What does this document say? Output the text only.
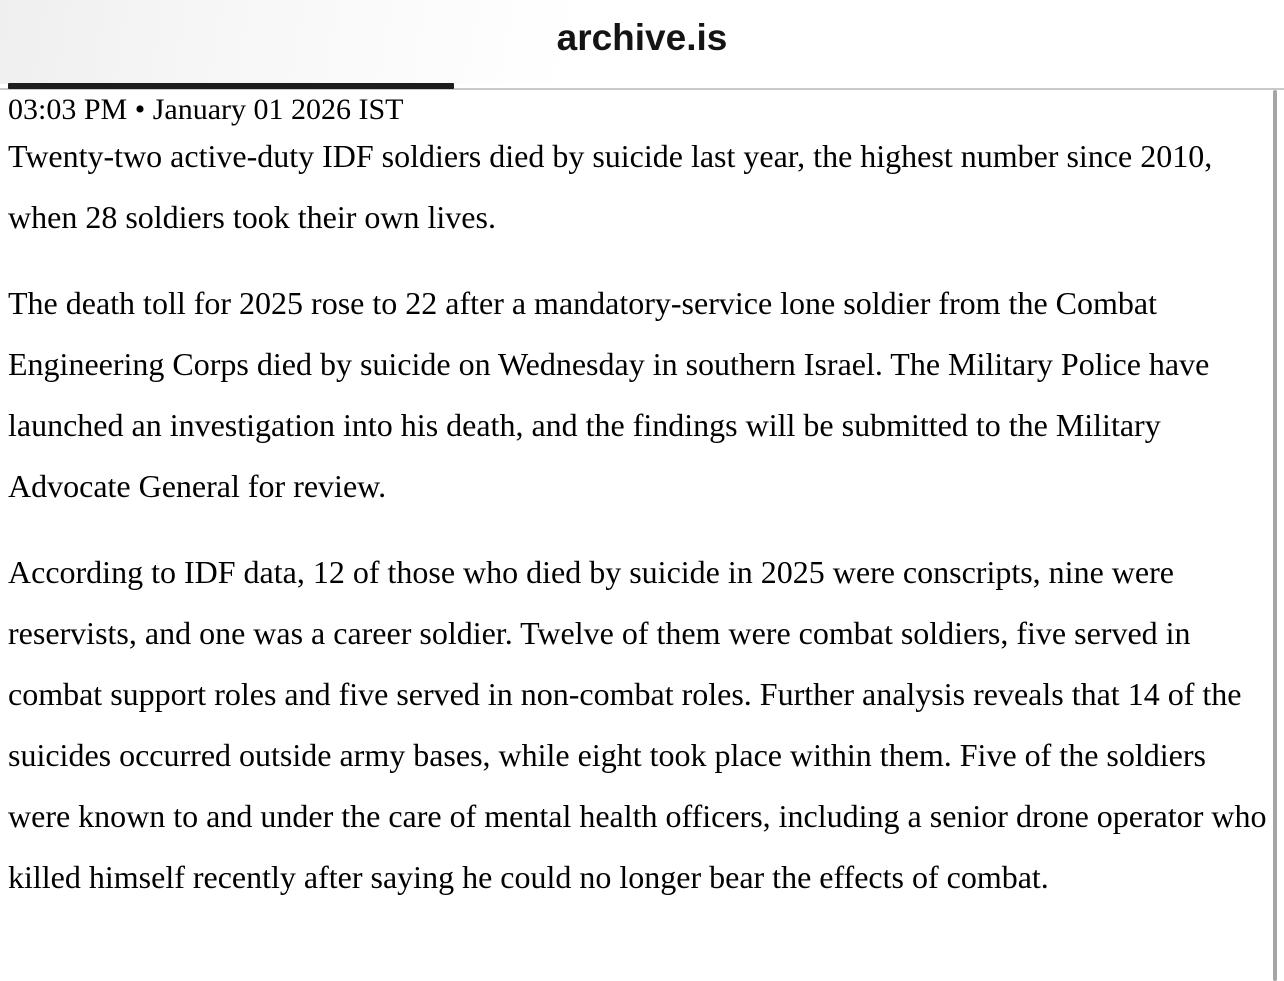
archive.is
03:03 PM • January 01 2026 IST

Twenty-two active-duty IDF soldiers died by suicide last year, the highest number since 2010, when 28 soldiers took their own lives.

The death toll for 2025 rose to 22 after a mandatory-service lone soldier from the Combat Engineering Corps died by suicide on Wednesday in southern Israel. The Military Police have launched an investigation into his death, and the findings will be submitted to the Military Advocate General for review.

According to IDF data, 12 of those who died by suicide in 2025 were conscripts, nine were reservists, and one was a career soldier. Twelve of them were combat soldiers, five served in combat support roles and five served in non-combat roles. Further analysis reveals that 14 of the suicides occurred outside army bases, while eight took place within them. Five of the soldiers were known to and under the care of mental health officers, including a senior drone operator who killed himself recently after saying he could no longer bear the effects of combat.
